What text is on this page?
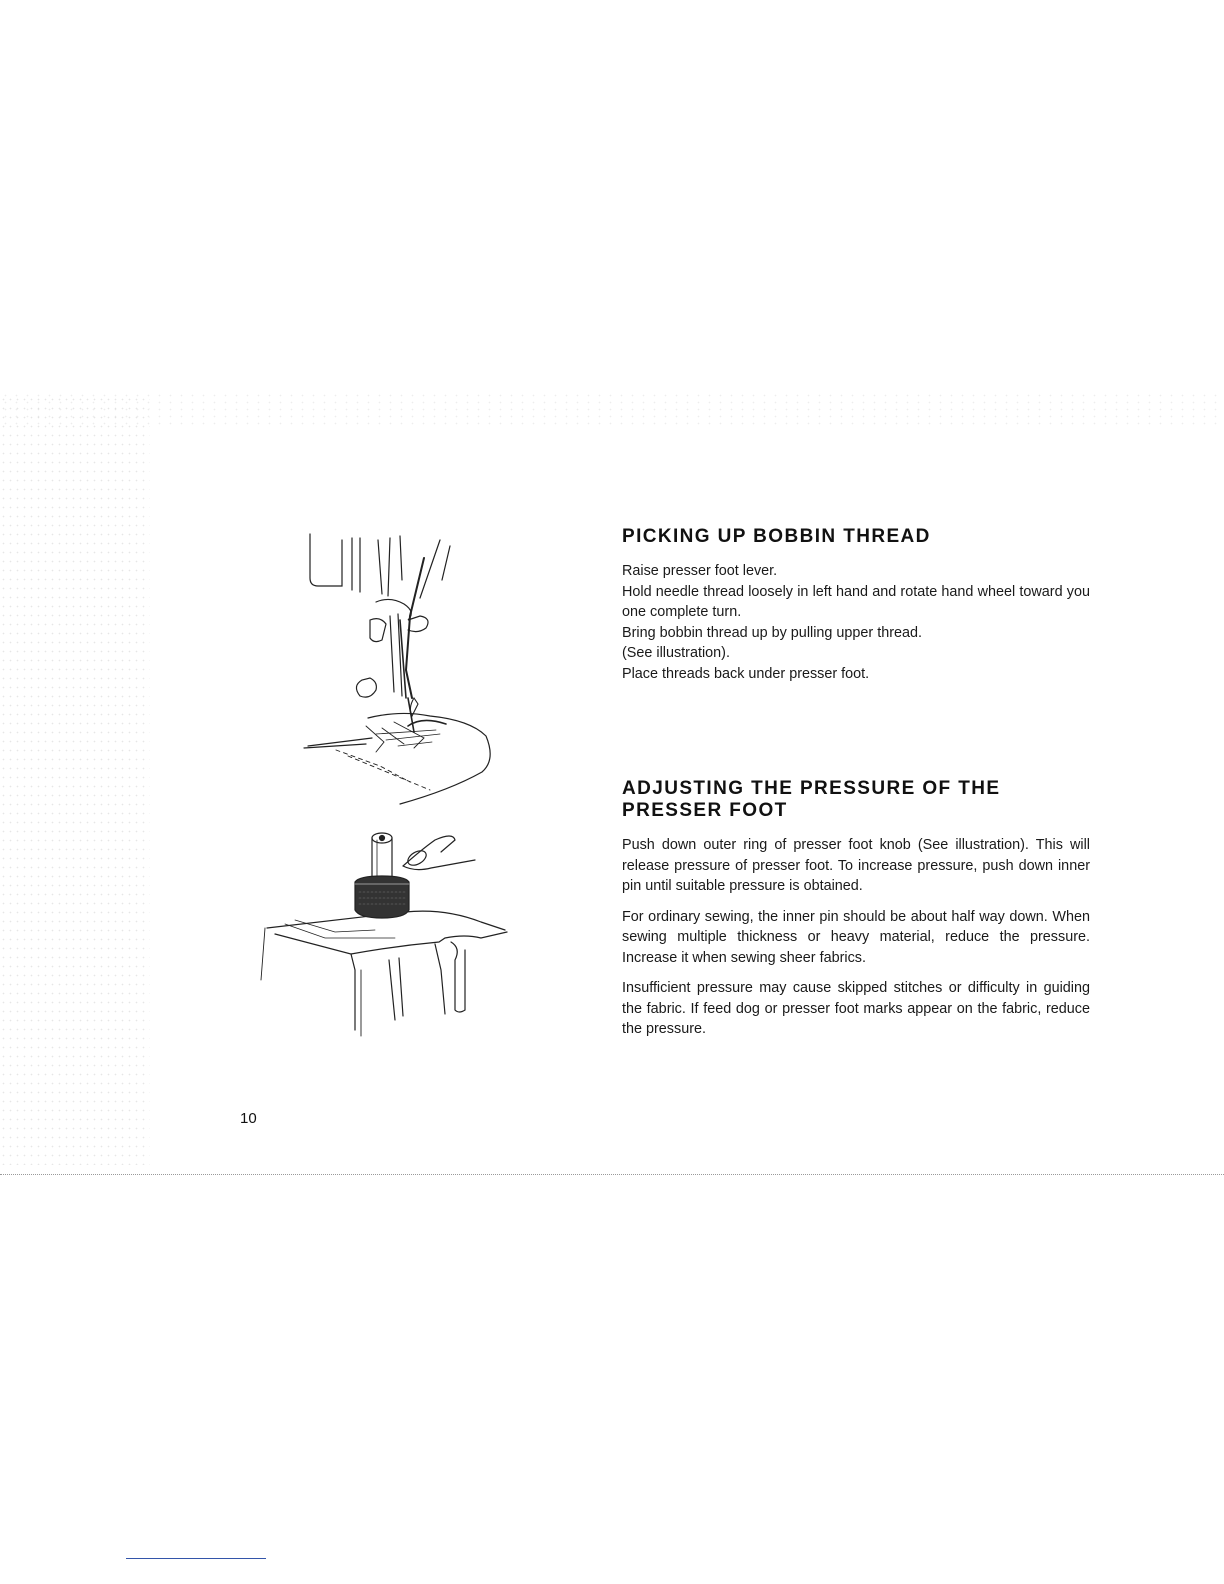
PICKING UP BOBBIN THREAD

Raise presser foot lever.

Hold needle thread loosely in left hand and rotate hand wheel toward you one complete turn.

Bring bobbin thread up by pulling upper thread.

(See illustration).

Place threads back under presser foot.

ADJUSTING THE PRESSURE OF THE
PRESSER FOOT

Push down outer ring of presser foot knob (See illustration). This will release pressure of presser foot. To increase pressure, push down inner pin until suitable pressure is obtained.

For ordinary sewing, the inner pin should be about half way down. When sewing multiple thickness or heavy material, reduce the pressure. Increase it when sewing sheer fabrics.

Insufficient pressure may cause skipped stitches or difficulty in guiding the fabric. If feed dog or presser foot marks appear on the fabric, reduce the pressure.

10
